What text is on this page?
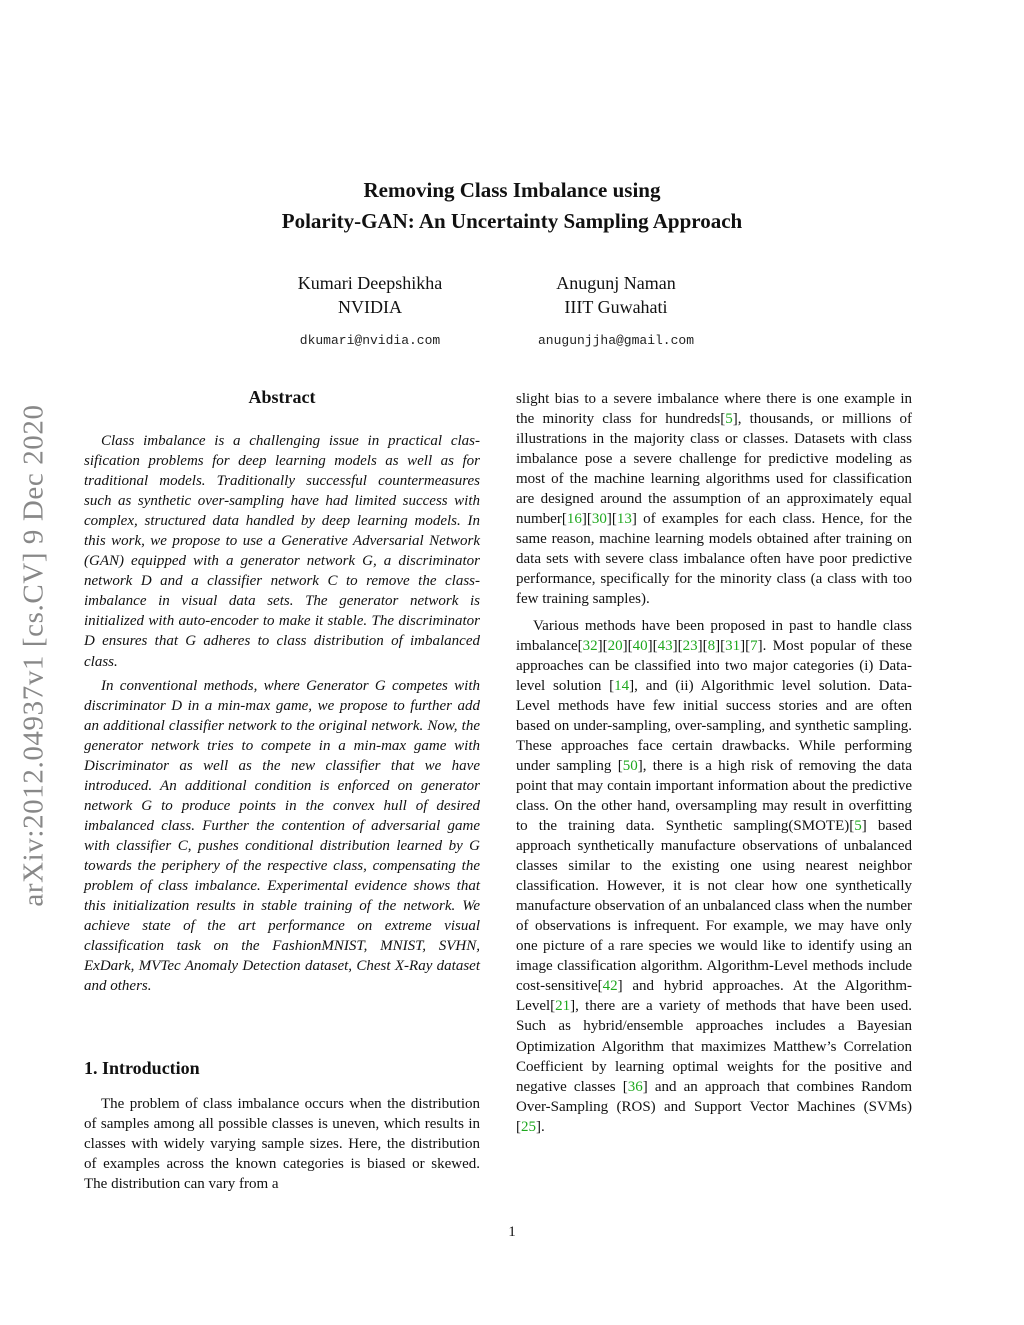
arXiv:2012.04937v1 [cs.CV] 9 Dec 2020
Removing Class Imbalance using
Polarity-GAN: An Uncertainty Sampling Approach
Kumari Deepshikha
NVIDIA
dkumari@nvidia.com
Anugunj Naman
IIIT Guwahati
anugunjjha@gmail.com
Abstract

Class imbalance is a challenging issue in practical classification problems for deep learning models as well as for traditional models. Traditionally successful countermeasures such as synthetic over-sampling have had limited success with complex, structured data handled by deep learning models. In this work, we propose to use a Generative Adversarial Network (GAN) equipped with a generator network G, a discriminator network D and a classifier network C to remove the class-imbalance in visual data sets. The generator network is initialized with auto-encoder to make it stable. The discriminator D ensures that G adheres to class distribution of imbalanced class.

In conventional methods, where Generator G competes with discriminator D in a min-max game, we propose to further add an additional classifier network to the original network. Now, the generator network tries to compete in a min-max game with Discriminator as well as the new classifier that we have introduced. An additional condition is enforced on generator network G to produce points in the convex hull of desired imbalanced class. Further the contention of adversarial game with classifier C, pushes conditional distribution learned by G towards the periphery of the respective class, compensating the problem of class imbalance. Experimental evidence shows that this initialization results in stable training of the network. We achieve state of the art performance on extreme visual classification task on the FashionMNIST, MNIST, SVHN, ExDark, MVTec Anomaly Detection dataset, Chest X-Ray dataset and others.

1. Introduction

The problem of class imbalance occurs when the distribution of samples among all possible classes is uneven, which results in classes with widely varying sample sizes. Here, the distribution of examples across the known categories is biased or skewed. The distribution can vary from a

slight bias to a severe imbalance where there is one example in the minority class for hundreds[5], thousands, or millions of illustrations in the majority class or classes. Datasets with class imbalance pose a severe challenge for predictive modeling as most of the machine learning algorithms used for classification are designed around the assumption of an approximately equal number[16][30][13] of examples for each class. Hence, for the same reason, machine learning models obtained after training on data sets with severe class imbalance often have poor predictive performance, specifically for the minority class (a class with too few training samples).

Various methods have been proposed in past to handle class imbalance[32][20][40][43][23][8][31][7]. Most popular of these approaches can be classified into two major categories (i) Data-level solution [14], and (ii) Algorithmic level solution. Data-Level methods have few initial success stories and are often based on under-sampling, over-sampling, and synthetic sampling. These approaches face certain drawbacks. While performing under sampling [50], there is a high risk of removing the data point that may contain important information about the predictive class. On the other hand, oversampling may result in overfitting to the training data. Synthetic sampling(SMOTE)[5] based approach synthetically manufacture observations of unbalanced classes similar to the existing one using nearest neighbor classification. However, it is not clear how one synthetically manufacture observation of an unbalanced class when the number of observations is infrequent. For example, we may have only one picture of a rare species we would like to identify using an image classification algorithm. Algorithm-Level methods include cost-sensitive[42] and hybrid approaches. At the Algorithm-Level[21], there are a variety of methods that have been used. Such as hybrid/ensemble approaches includes a Bayesian Optimization Algorithm that maximizes Matthew’s Correlation Coefficient by learning optimal weights for the positive and negative classes [36] and an approach that combines Random Over-Sampling (ROS) and Support Vector Machines (SVMs)[25].

1
